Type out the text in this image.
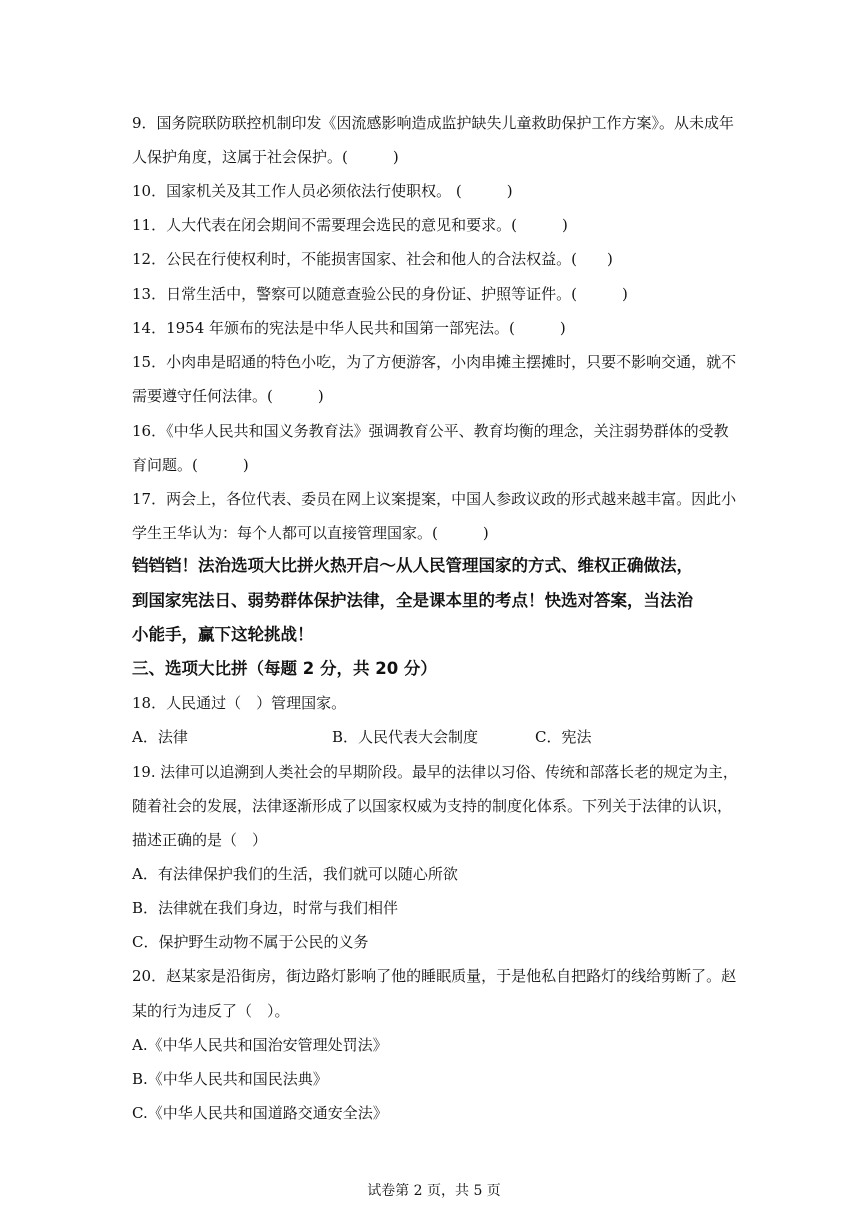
9．国务院联防联控机制印发《因流感影响造成监护缺失儿童救助保护工作方案》。从未成年
人保护角度，这属于社会保护。(　　　)
10．国家机关及其工作人员必须依法行使职权。 (　　　)
11．人大代表在闭会期间不需要理会选民的意见和要求。(　　　)
12．公民在行使权利时，不能损害国家、社会和他人的合法权益。(　　)
13．日常生活中，警察可以随意查验公民的身份证、护照等证件。(　　　)
14．1954 年颁布的宪法是中华人民共和国第一部宪法。(　　　)
15．小肉串是昭通的特色小吃，为了方便游客，小肉串摊主摆摊时，只要不影响交通，就不
需要遵守任何法律。(　　　)
16．《中华人民共和国义务教育法》强调教育公平、教育均衡的理念，关注弱势群体的受教
育问题。(　　　)
17．两会上，各位代表、委员在网上议案提案，中国人参政议政的形式越来越丰富。因此小
学生王华认为：每个人都可以直接管理国家。(　　　)
铛铛铛！法治选项大比拼火热开启～从人民管理国家的方式、维权正确做法，
到国家宪法日、弱势群体保护法律，全是课本里的考点！快选对答案，当法治
小能手，赢下这轮挑战！
三、选项大比拼（每题 2 分，共 20 分）
18．人民通过（　）管理国家。
A．法律	B．人民代表大会制度	C．宪法
19. 法律可以追溯到人类社会的早期阶段。最早的法律以习俗、传统和部落长老的规定为主，
随着社会的发展，法律逐渐形成了以国家权威为支持的制度化体系。下列关于法律的认识，
描述正确的是（　）
A．有法律保护我们的生活，我们就可以随心所欲
B．法律就在我们身边，时常与我们相伴
C．保护野生动物不属于公民的义务
20．赵某家是沿街房，街边路灯影响了他的睡眠质量，于是他私自把路灯的线给剪断了。赵
某的行为违反了（　）。
A.《中华人民共和国治安管理处罚法》
B.《中华人民共和国民法典》
C.《中华人民共和国道路交通安全法》
试卷第 2 页，共 5 页
